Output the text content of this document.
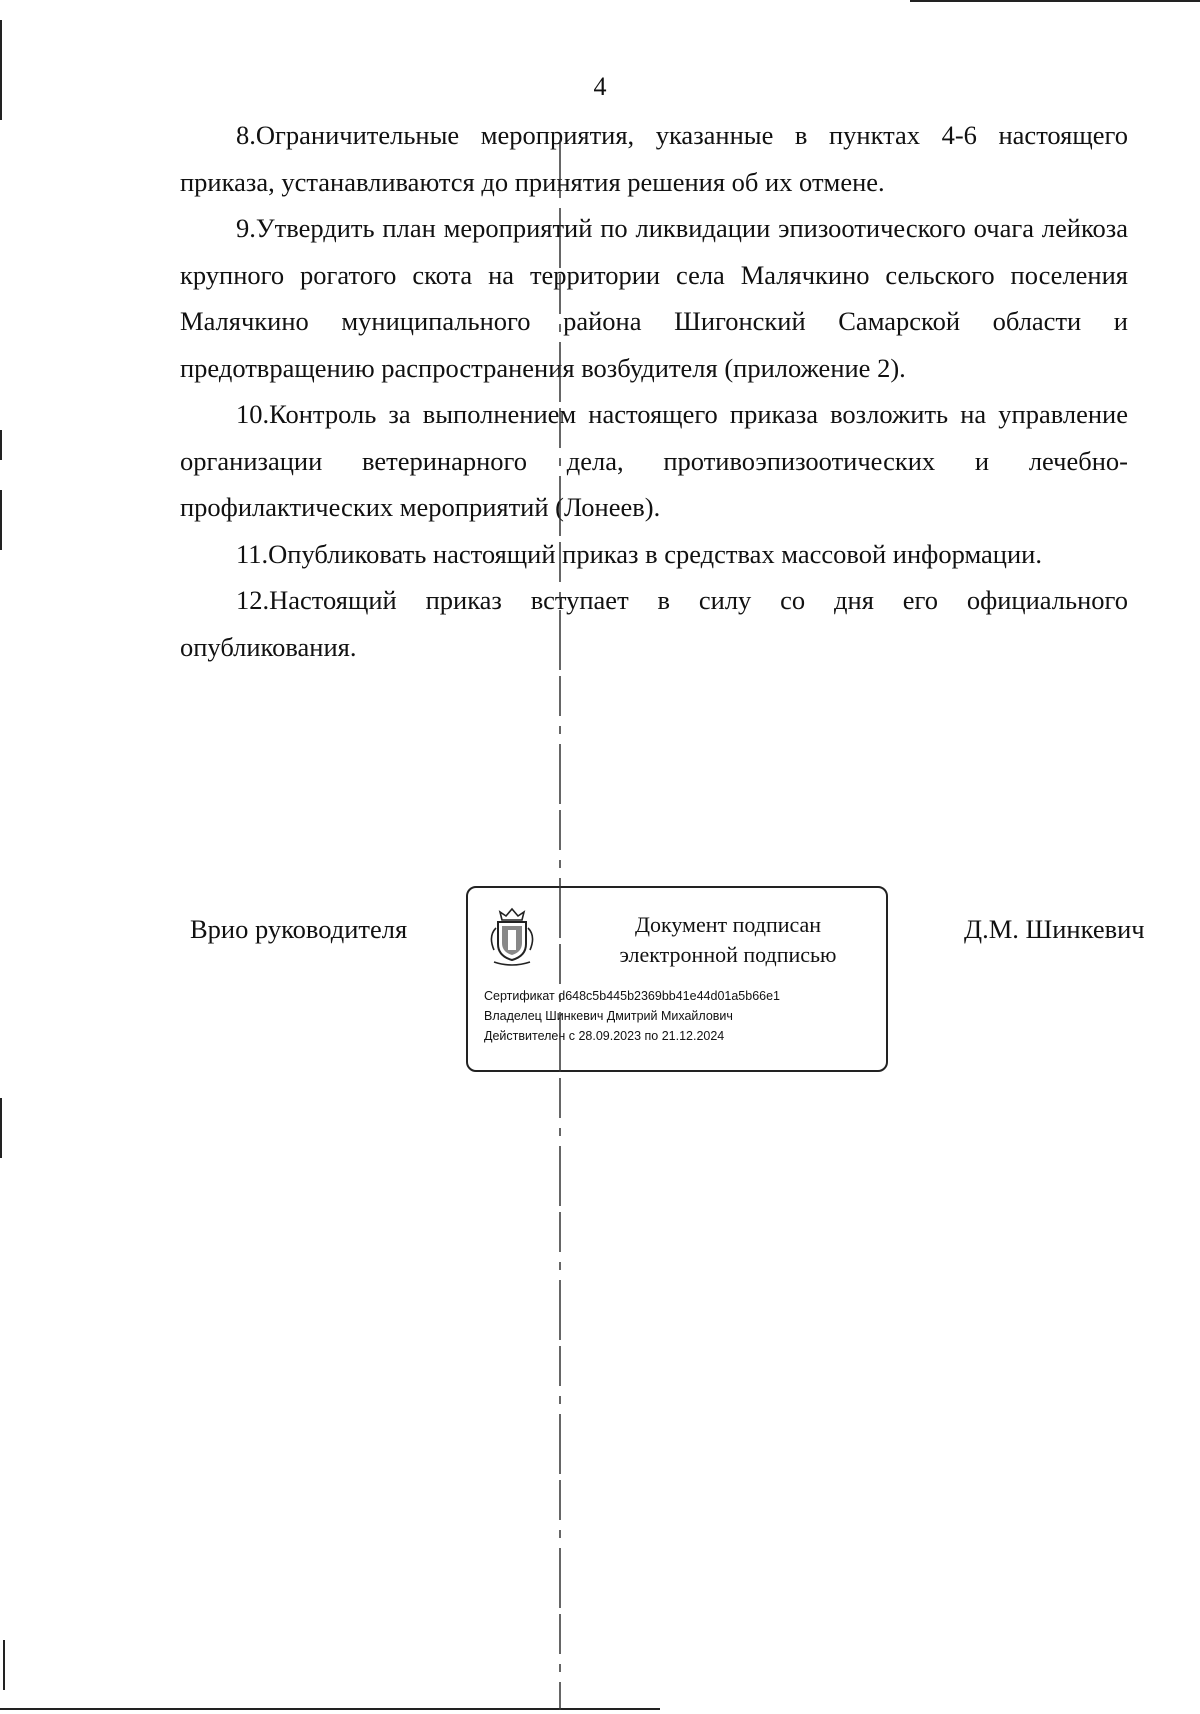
4

8.Ограничительные мероприятия, указанные в пунктах 4-6 настоящего приказа, устанавливаются до принятия решения об их отмене.

9.Утвердить план мероприятий по ликвидации эпизоотического очага лейкоза крупного рогатого скота на территории села Малячкино сельского поселения Малячкино муниципального района Шигонский Самарской области и предотвращению распространения возбудителя (приложение 2).

10.Контроль за выполнением настоящего приказа возложить на управление организации ветеринарного дела, противоэпизоотических и лечебно-профилактических мероприятий (Лонеев).

11.Опубликовать настоящий приказ в средствах массовой информации.

12.Настоящий приказ вступает в силу со дня его официального опубликования.

Врио руководителя	Документ подписан
электронной подписью
Сертификат d648c5b445b2369bb41e44d01a5b66e1
Владелец Шинкевич Дмитрий Михайлович
Действителен с 28.09.2023 по 21.12.2024
Д.М. Шинкевич
